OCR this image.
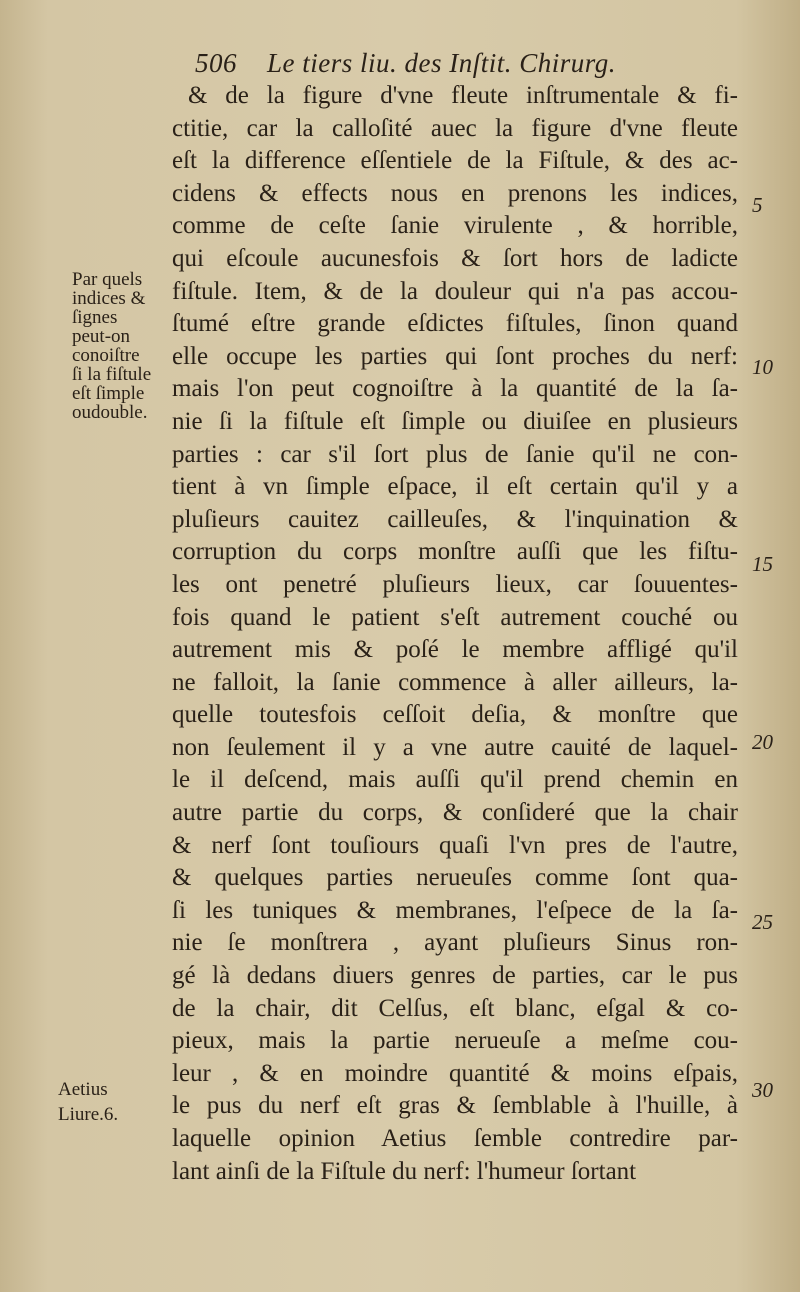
506 Le tiers liu. des Inſtit. Chirurg.
& de la figure d'vne fleute inſtrumentale & fi-
ctitie, car la calloſité auec la figure d'vne fleute
eſt la difference eſſentiele de la Fiſtule, & des ac-
cidens & effects nous en prenons les indices,
comme de ceſte ſanie virulente , & horrible,
qui eſcoule aucunesfois & ſort hors de ladicte
fiſtule. Item, & de la douleur qui n'a pas accou-
ſtumé eſtre grande eſdictes fiſtules, ſinon quand
elle occupe les parties qui ſont proches du nerf:
mais l'on peut cognoiſtre à la quantité de la ſa-
nie ſi la fiſtule eſt ſimple ou diuiſee en plusieurs
parties : car s'il ſort plus de ſanie qu'il ne con-
tient à vn ſimple eſpace, il eſt certain qu'il y a
pluſieurs cauitez cailleuſes, & l'inquination &
corruption du corps monſtre auſſi que les fiſtu-
les ont penetré pluſieurs lieux, car ſouuentes-
fois quand le patient s'eſt autrement couché ou
autrement mis & poſé le membre affligé qu'il
ne falloit, la ſanie commence à aller ailleurs, la-
quelle toutesfois ceſſoit deſia, & monſtre que
non ſeulement il y a vne autre cauité de laquel-
le il deſcend, mais auſſi qu'il prend chemin en
autre partie du corps, & conſideré que la chair
& nerf ſont touſiours quaſi l'vn pres de l'autre,
& quelques parties nerueuſes comme ſont qua-
ſi les tuniques & membranes, l'eſpece de la ſa-
nie ſe monſtrera , ayant pluſieurs Sinus ron-
gé là dedans diuers genres de parties, car le pus
de la chair, dit Celſus, eſt blanc, eſgal & co-
pieux, mais la partie nerueuſe a meſme cou-
leur , & en moindre quantité & moins eſpais,
le pus du nerf eſt gras & ſemblable à l'huille, à
laquelle opinion Aetius ſemble contredire par-
lant ainſi de la Fiſtule du nerf: l'humeur ſortant
Par quels
indices &
ſignes
peut-on
conoiſtre
ſi la fiſtule
eſt ſimple
oudouble.
Aetius
Liure.6.
5
10
15
20
25
30
